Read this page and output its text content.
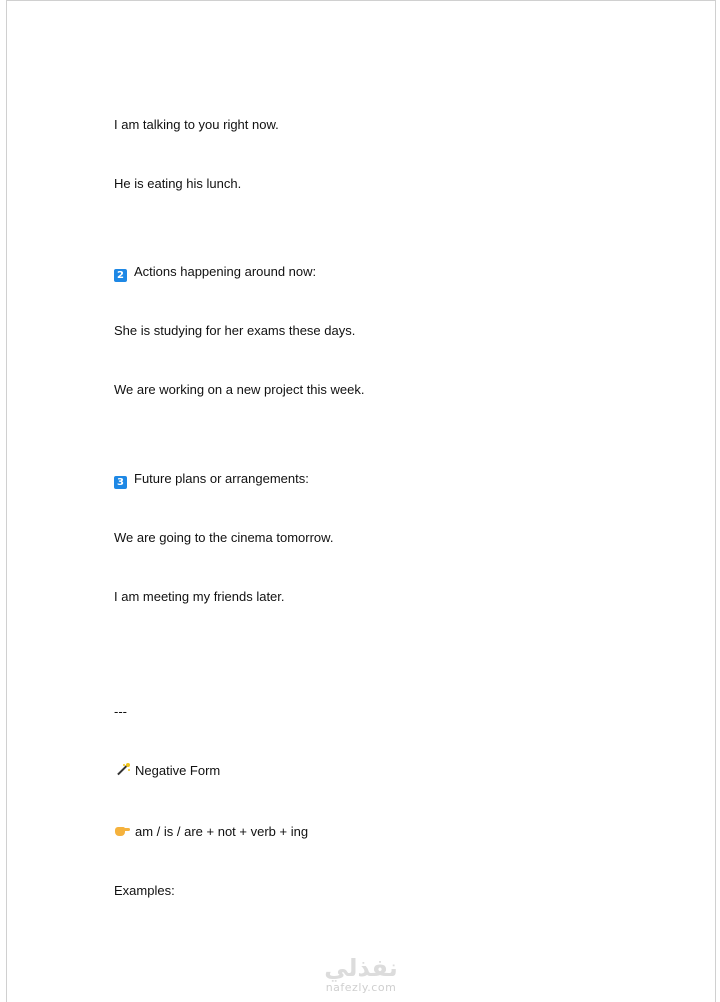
I am talking to you right now.
He is eating his lunch.
2 Actions happening around now:
She is studying for her exams these days.
We are working on a new project this week.
3 Future plans or arrangements:
We are going to the cinema tomorrow.
I am meeting my friends later.
---
Negative Form
am / is / are + not + verb + ing
Examples:
نفذلي
nafezly.com
